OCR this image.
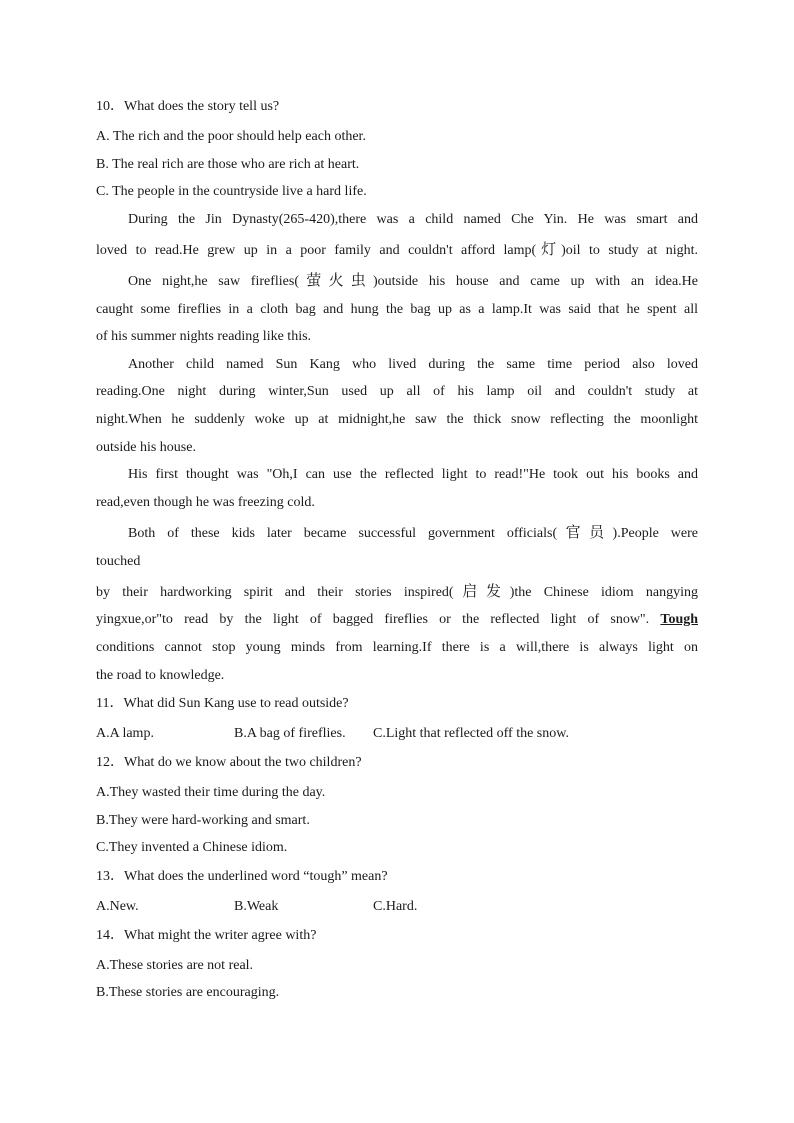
10．What does the story tell us?
A. The rich and the poor should help each other.
B. The real rich are those who are rich at heart.
C. The people in the countryside live a hard life.
During the Jin Dynasty(265-420),there was a child named Che Yin. He was smart and
loved to read.He grew up in a poor family and couldn't afford lamp(灯)oil to study at night.
One night,he saw fireflies(萤火虫)outside his house and came up with an idea.He
caught some fireflies in a cloth bag and hung the bag up as a lamp.It was said that he spent all
of his summer nights reading like this.
Another child named Sun Kang who lived during the same time period also loved
reading.One night during winter,Sun used up all of his lamp oil and couldn't study at
night.When he suddenly woke up at midnight,he saw the thick snow reflecting the moonlight
outside his house.
His first thought was "Oh,I can use the reflected light to read!"He took out his books and
read,even though he was freezing cold.
Both of these kids later became successful government officials(官员).People were
touched
by their hardworking spirit and their stories inspired(启发)the Chinese idiom nangying
yingxue,or"to read by the light of bagged fireflies or the reflected light of snow". Tough
conditions cannot stop young minds from learning.If there is a will,there is always light on
the road to knowledge.
11．What did Sun Kang use to read outside?
A.A lamp.	B.A bag of fireflies. C.Light that reflected off the snow.
12．What do we know about the two children?
A.They wasted their time during the day.
B.They were hard-working and smart.
C.They invented a Chinese idiom.
13．What does the underlined word “tough” mean?
A.New.	B.Weak	C.Hard.
14．What might the writer agree with?
A.These stories are not real.
B.These stories are encouraging.
